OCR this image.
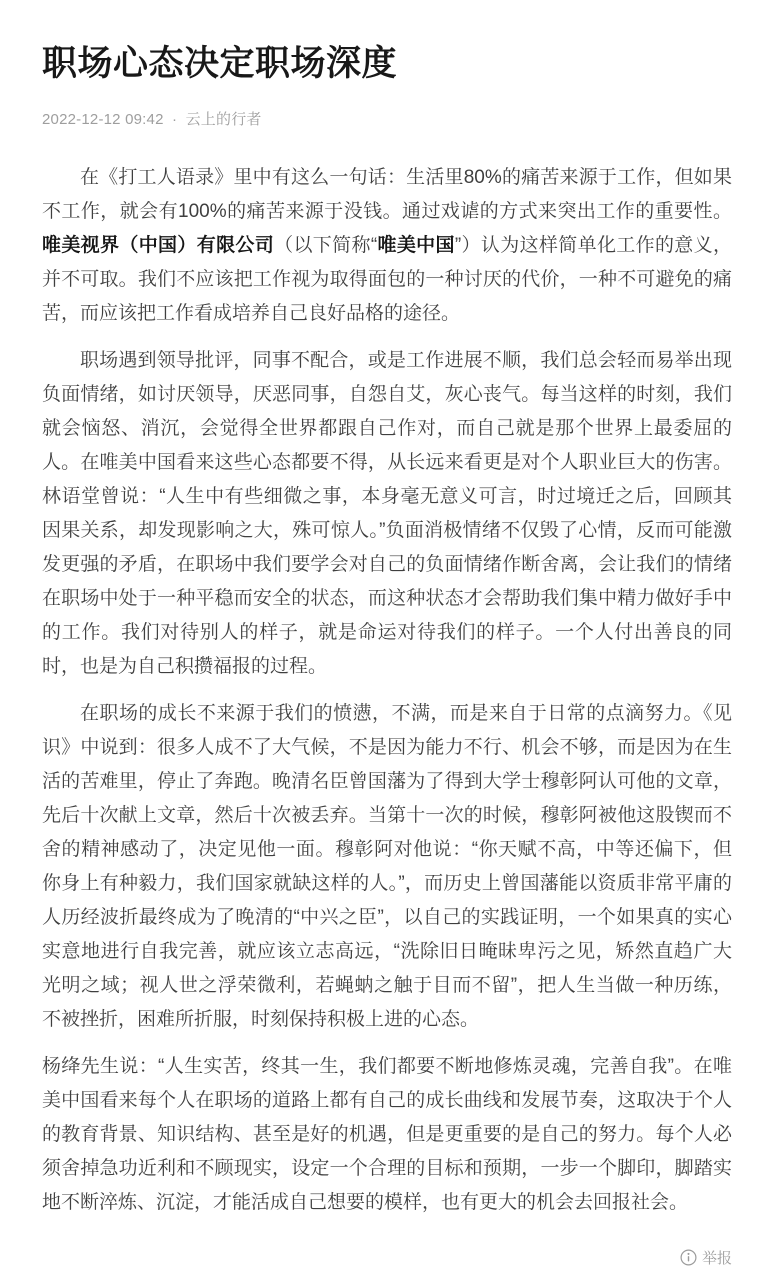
职场心态决定职场深度
2022-12-12 09:42 · 云上的行者

在《打工人语录》里中有这么一句话：生活里80%的痛苦来源于工作，但如果不工作，就会有100%的痛苦来源于没钱。通过戏谑的方式来突出工作的重要性。唯美视界（中国）有限公司（以下简称“唯美中国”）认为这样简单化工作的意义，并不可取。我们不应该把工作视为取得面包的一种讨厌的代价，一种不可避免的痛苦，而应该把工作看成培养自己良好品格的途径。

职场遇到领导批评，同事不配合，或是工作进展不顺，我们总会轻而易举出现负面情绪，如讨厌领导，厌恶同事，自怨自艾，灰心丧气。每当这样的时刻，我们就会恼怒、消沉，会觉得全世界都跟自己作对，而自己就是那个世界上最委屈的人。在唯美中国看来这些心态都要不得，从长远来看更是对个人职业巨大的伤害。林语堂曾说：“人生中有些细微之事，本身毫无意义可言，时过境迁之后，回顾其因果关系，却发现影响之大，殊可惊人。”负面消极情绪不仅毁了心情，反而可能激发更强的矛盾，在职场中我们要学会对自己的负面情绪作断舍离，会让我们的情绪在职场中处于一种平稳而安全的状态，而这种状态才会帮助我们集中精力做好手中的工作。我们对待别人的样子，就是命运对待我们的样子。一个人付出善良的同时，也是为自己积攒福报的过程。

在职场的成长不来源于我们的愤懑，不满，而是来自于日常的点滴努力。《见识》中说到：很多人成不了大气候，不是因为能力不行、机会不够，而是因为在生活的苦难里，停止了奔跑。晚清名臣曾国藩为了得到大学士穆彰阿认可他的文章，先后十次献上文章，然后十次被丢弃。当第十一次的时候，穆彰阿被他这股锲而不舍的精神感动了，决定见他一面。穆彰阿对他说：“你天赋不高，中等还偏下，但你身上有种毅力，我们国家就缺这样的人。”，而历史上曾国藩能以资质非常平庸的人历经波折最终成为了晚清的“中兴之臣”，以自己的实践证明，一个如果真的实心实意地进行自我完善，就应该立志高远，“洗除旧日晻昧卑污之见，矫然直趋广大光明之域；视人世之浮荣微利，若蝇蚋之触于目而不留”，把人生当做一种历练，不被挫折，困难所折服，时刻保持积极上进的心态。

杨绛先生说：“人生实苦，终其一生，我们都要不断地修炼灵魂，完善自我”。在唯美中国看来每个人在职场的道路上都有自己的成长曲线和发展节奏，这取决于个人的教育背景、知识结构、甚至是好的机遇，但是更重要的是自己的努力。每个人必须舍掉急功近利和不顾现实，设定一个合理的目标和预期，一步一个脚印，脚踏实地不断淬炼、沉淀，才能活成自己想要的模样，也有更大的机会去回报社会。

举报
